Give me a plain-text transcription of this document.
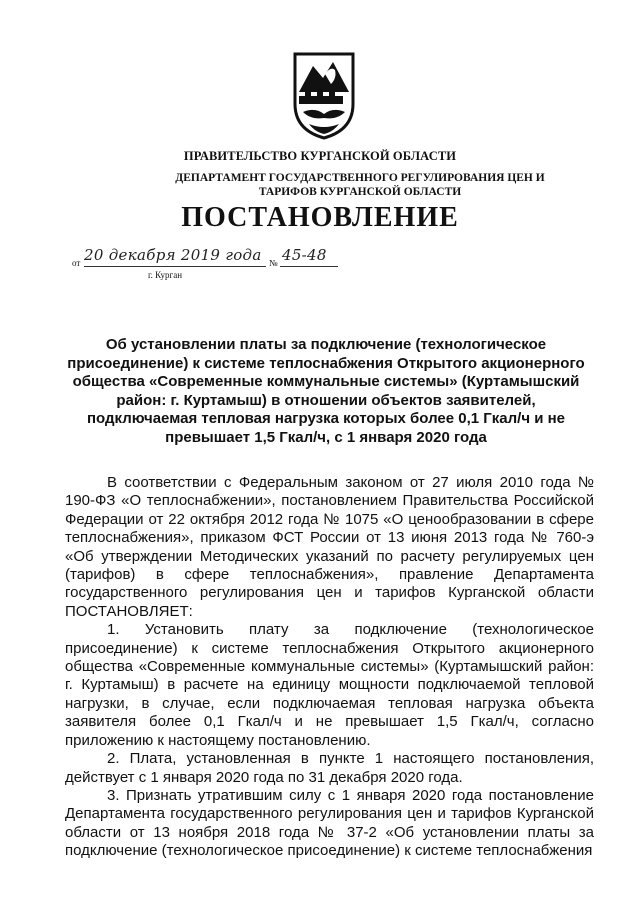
ПРАВИТЕЛЬСТВО КУРГАНСКОЙ ОБЛАСТИ
ДЕПАРТАМЕНТ ГОСУДАРСТВЕННОГО РЕГУЛИРОВАНИЯ ЦЕН И ТАРИФОВ КУРГАНСКОЙ ОБЛАСТИ
ПОСТАНОВЛЕНИЕ
от 20 декабря 2019 года № 45-48
г. Курган
Об установлении платы за подключение (технологическое присоединение) к системе теплоснабжения Открытого акционерного общества «Современные коммунальные системы» (Куртамышский район: г. Куртамыш) в отношении объектов заявителей, подключаемая тепловая нагрузка которых более 0,1 Гкал/ч и не превышает 1,5 Гкал/ч, с 1 января 2020 года

В соответствии с Федеральным законом от 27 июля 2010 года № 190-ФЗ «О теплоснабжении», постановлением Правительства Российской Федерации от 22 октября 2012 года № 1075 «О ценообразовании в сфере теплоснабжения», приказом ФСТ России от 13 июня 2013 года № 760-э «Об утверждении Методических указаний по расчету регулируемых цен (тарифов) в сфере теплоснабжения», правление Департамента государственного регулирования цен и тарифов Курганской области ПОСТАНОВЛЯЕТ:

1. Установить плату за подключение (технологическое присоединение) к системе теплоснабжения Открытого акционерного общества «Современные коммунальные системы» (Куртамышский район: г. Куртамыш) в расчете на единицу мощности подключаемой тепловой нагрузки, в случае, если подключаемая тепловая нагрузка объекта заявителя более 0,1 Гкал/ч и не превышает 1,5 Гкал/ч, согласно приложению к настоящему постановлению.

2. Плата, установленная в пункте 1 настоящего постановления, действует с 1 января 2020 года по 31 декабря 2020 года.

3. Признать утратившим силу с 1 января 2020 года постановление Департамента государственного регулирования цен и тарифов Курганской области от 13 ноября 2018 года № 37-2 «Об установлении платы за подключение (технологическое присоединение) к системе теплоснабжения
